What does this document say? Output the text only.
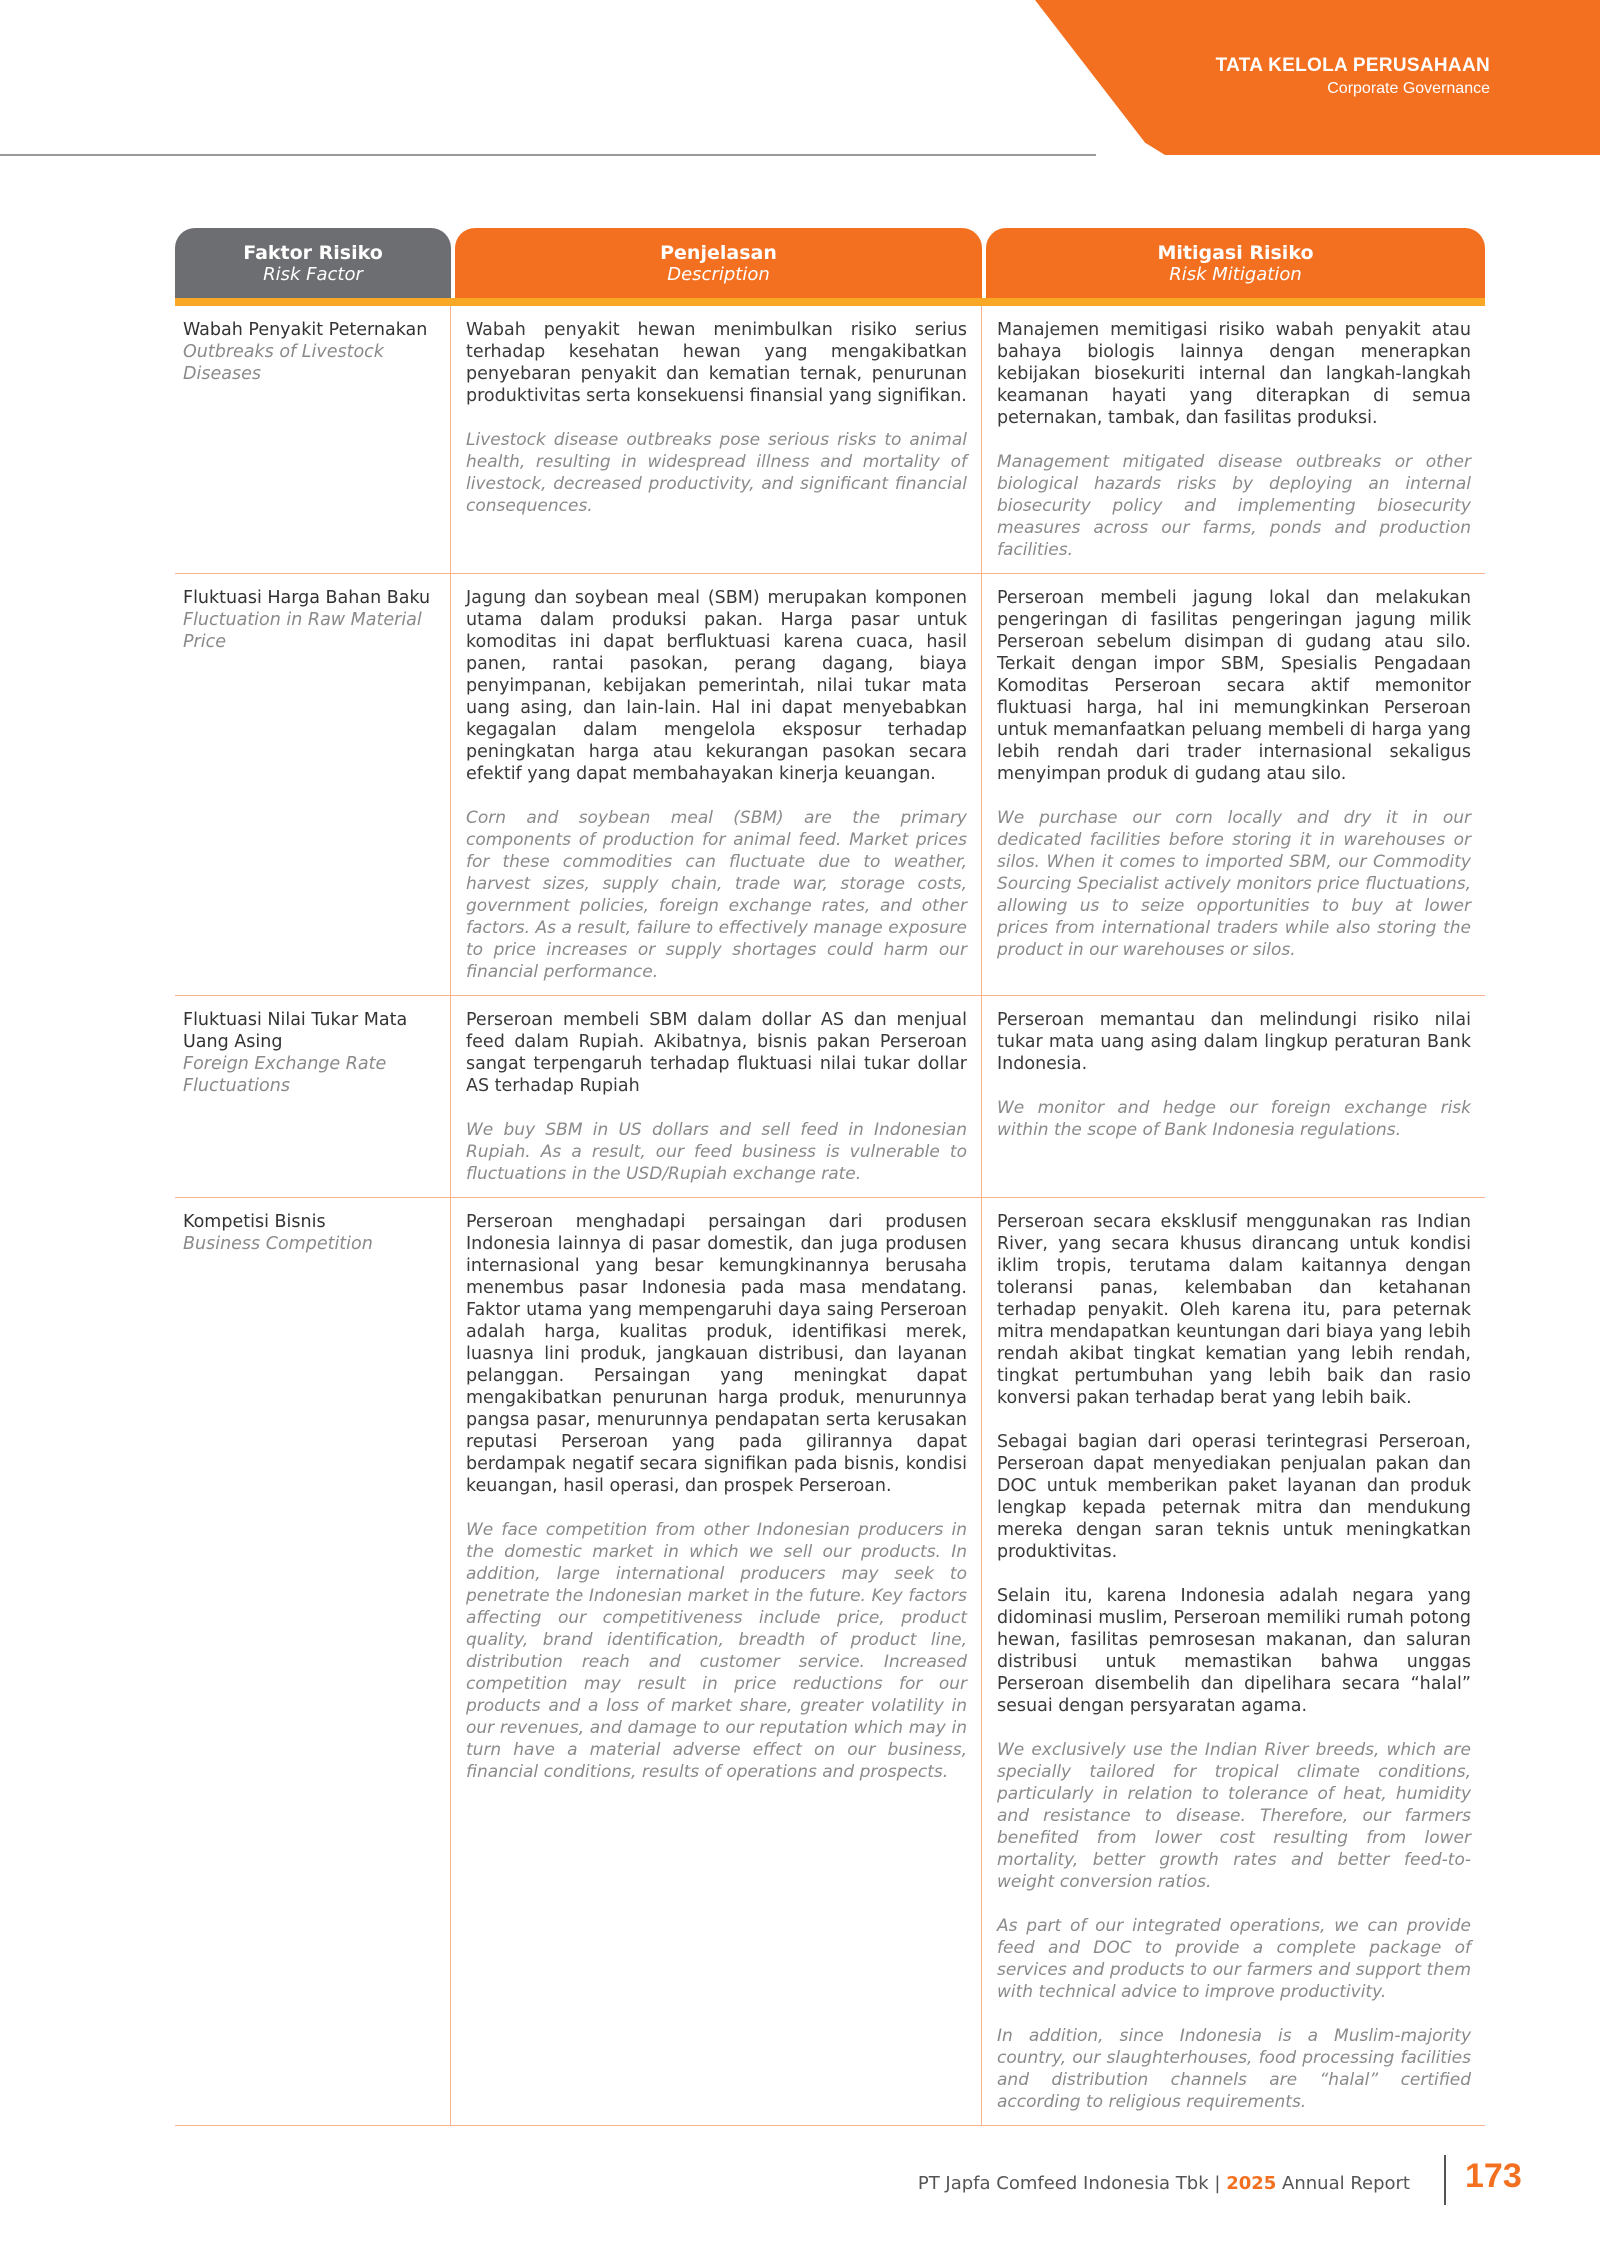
TATA KELOLA PERUSAHAAN
Corporate Governance
Faktor Risiko
Risk Factor
Penjelasan
Description
Mitigasi Risiko
Risk Mitigation
Wabah Penyakit Peternakan
Outbreaks of Livestock Diseases

Wabah penyakit hewan menimbulkan risiko serius terhadap kesehatan hewan yang mengakibatkan penyebaran penyakit dan kematian ternak, penurunan produktivitas serta konsekuensi finansial yang signifikan.

Livestock disease outbreaks pose serious risks to animal health, resulting in widespread illness and mortality of livestock, decreased productivity, and significant financial consequences.

Manajemen memitigasi risiko wabah penyakit atau bahaya biologis lainnya dengan menerapkan kebijakan biosekuriti internal dan langkah-langkah keamanan hayati yang diterapkan di semua peternakan, tambak, dan fasilitas produksi.

Management mitigated disease outbreaks or other biological hazards risks by deploying an internal biosecurity policy and implementing biosecurity measures across our farms, ponds and production facilities.

Fluktuasi Harga Bahan Baku
Fluctuation in Raw Material Price

Jagung dan soybean meal (SBM) merupakan komponen utama dalam produksi pakan. Harga pasar untuk komoditas ini dapat berfluktuasi karena cuaca, hasil panen, rantai pasokan, perang dagang, biaya penyimpanan, kebijakan pemerintah, nilai tukar mata uang asing, dan lain-lain. Hal ini dapat menyebabkan kegagalan dalam mengelola eksposur terhadap peningkatan harga atau kekurangan pasokan secara efektif yang dapat membahayakan kinerja keuangan.

Corn and soybean meal (SBM) are the primary components of production for animal feed. Market prices for these commodities can fluctuate due to weather, harvest sizes, supply chain, trade war, storage costs, government policies, foreign exchange rates, and other factors. As a result, failure to effectively manage exposure to price increases or supply shortages could harm our financial performance.

Perseroan membeli jagung lokal dan melakukan pengeringan di fasilitas pengeringan jagung milik Perseroan sebelum disimpan di gudang atau silo. Terkait dengan impor SBM, Spesialis Pengadaan Komoditas Perseroan secara aktif memonitor fluktuasi harga, hal ini memungkinkan Perseroan untuk memanfaatkan peluang membeli di harga yang lebih rendah dari trader internasional sekaligus menyimpan produk di gudang atau silo.

We purchase our corn locally and dry it in our dedicated facilities before storing it in warehouses or silos. When it comes to imported SBM, our Commodity Sourcing Specialist actively monitors price fluctuations, allowing us to seize opportunities to buy at lower prices from international traders while also storing the product in our warehouses or silos.

Fluktuasi Nilai Tukar Mata Uang Asing
Foreign Exchange Rate Fluctuations

Perseroan membeli SBM dalam dollar AS dan menjual feed dalam Rupiah. Akibatnya, bisnis pakan Perseroan sangat terpengaruh terhadap fluktuasi nilai tukar dollar AS terhadap Rupiah

We buy SBM in US dollars and sell feed in Indonesian Rupiah. As a result, our feed business is vulnerable to fluctuations in the USD/Rupiah exchange rate.

Perseroan memantau dan melindungi risiko nilai tukar mata uang asing dalam lingkup peraturan Bank Indonesia.

We monitor and hedge our foreign exchange risk within the scope of Bank Indonesia regulations.

Kompetisi Bisnis
Business Competition

Perseroan menghadapi persaingan dari produsen Indonesia lainnya di pasar domestik, dan juga produsen internasional yang besar kemungkinannya berusaha menembus pasar Indonesia pada masa mendatang. Faktor utama yang mempengaruhi daya saing Perseroan adalah harga, kualitas produk, identifikasi merek, luasnya lini produk, jangkauan distribusi, dan layanan pelanggan. Persaingan yang meningkat dapat mengakibatkan penurunan harga produk, menurunnya pangsa pasar, menurunnya pendapatan serta kerusakan reputasi Perseroan yang pada gilirannya dapat berdampak negatif secara signifikan pada bisnis, kondisi keuangan, hasil operasi, dan prospek Perseroan.

We face competition from other Indonesian producers in the domestic market in which we sell our products. In addition, large international producers may seek to penetrate the Indonesian market in the future. Key factors affecting our competitiveness include price, product quality, brand identification, breadth of product line, distribution reach and customer service. Increased competition may result in price reductions for our products and a loss of market share, greater volatility in our revenues, and damage to our reputation which may in turn have a material adverse effect on our business, financial conditions, results of operations and prospects.

Perseroan secara eksklusif menggunakan ras Indian River, yang secara khusus dirancang untuk kondisi iklim tropis, terutama dalam kaitannya dengan toleransi panas, kelembaban dan ketahanan terhadap penyakit. Oleh karena itu, para peternak mitra mendapatkan keuntungan dari biaya yang lebih rendah akibat tingkat kematian yang lebih rendah, tingkat pertumbuhan yang lebih baik dan rasio konversi pakan terhadap berat yang lebih baik.

Sebagai bagian dari operasi terintegrasi Perseroan, Perseroan dapat menyediakan penjualan pakan dan DOC untuk memberikan paket layanan dan produk lengkap kepada peternak mitra dan mendukung mereka dengan saran teknis untuk meningkatkan produktivitas.

Selain itu, karena Indonesia adalah negara yang didominasi muslim, Perseroan memiliki rumah potong hewan, fasilitas pemrosesan makanan, dan saluran distribusi untuk memastikan bahwa unggas Perseroan disembelih dan dipelihara secara “halal” sesuai dengan persyaratan agama.

We exclusively use the Indian River breeds, which are specially tailored for tropical climate conditions, particularly in relation to tolerance of heat, humidity and resistance to disease. Therefore, our farmers benefited from lower cost resulting from lower mortality, better growth rates and better feed-to-weight conversion ratios.

As part of our integrated operations, we can provide feed and DOC to provide a complete package of services and products to our farmers and support them with technical advice to improve productivity.

In addition, since Indonesia is a Muslim-majority country, our slaughterhouses, food processing facilities and distribution channels are “halal” certified according to religious requirements.

PT Japfa Comfeed Indonesia Tbk | 2025 Annual Report 173
